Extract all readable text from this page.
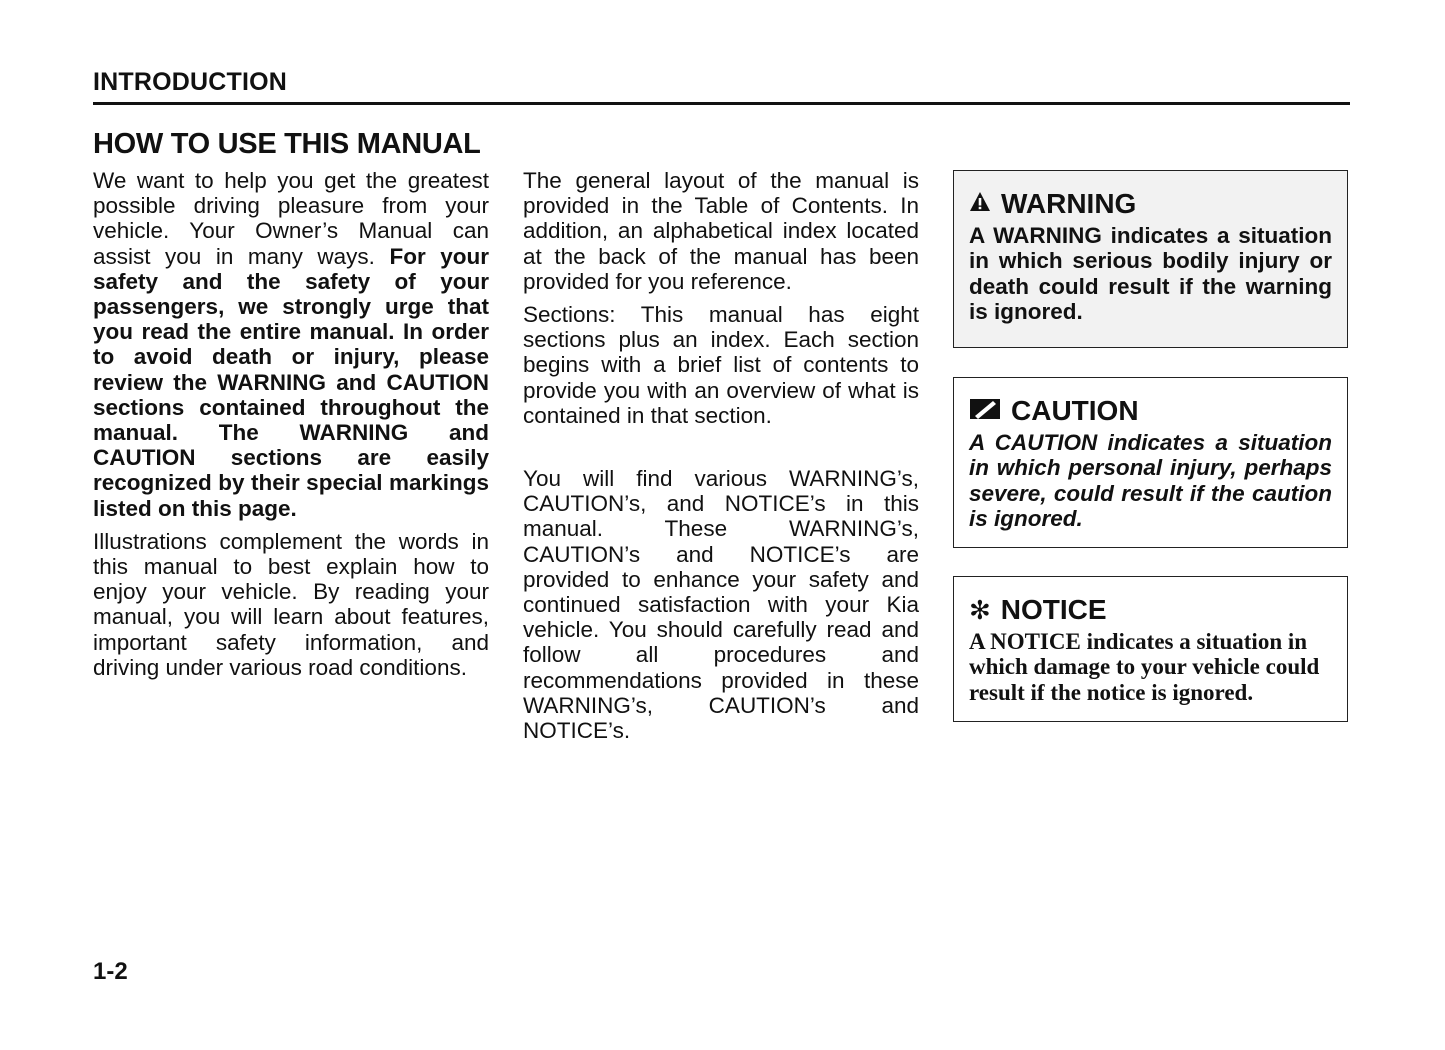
INTRODUCTION
HOW TO USE THIS MANUAL

We want to help you get the greatest possible driving pleasure from your vehicle. Your Owner’s Manual can assist you in many ways. For your safety and the safety of your passengers, we strongly urge that you read the entire manual. In order to avoid death or injury, please review the WARNING and CAUTION sections contained throughout the manual. The WARNING and CAUTION sections are easily recognized by their special markings listed on this page.

Illustrations complement the words in this manual to best explain how to enjoy your vehicle. By reading your manual, you will learn about features, important safety information, and driving under various road conditions.

The general layout of the manual is provided in the Table of Contents. In addition, an alphabetical index located at the back of the manual has been provided for you reference.

Sections: This manual has eight sections plus an index. Each section begins with a brief list of contents to provide you with an overview of what is contained in that section.

You will find various WARNING’s, CAUTION’s, and NOTICE’s in this manual. These WARNING’s, CAUTION’s and NOTICE’s are provided to enhance your safety and continued satisfaction with your Kia vehicle. You should carefully read and follow all procedures and recommendations provided in these WARNING’s, CAUTION’s and NOTICE’s.

WARNING
A WARNING indicates a situation in which serious bodily injury or death could result if the warning is ignored.
CAUTION
A CAUTION indicates a situation in which personal injury, perhaps severe, could result if the caution is ignored.
✻ NOTICE
A NOTICE indicates a situation in which damage to your vehicle could result if the notice is ignored.
1-2
